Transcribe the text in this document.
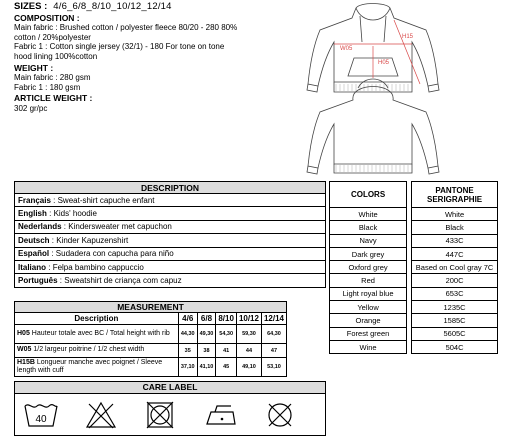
SIZES : 4/6_6/8_8/10_10/12_12/14
COMPOSITION :
Main fabric : Brushed cotton / polyester fleece 80/20 - 280 80%
cotton / 20%polyester
Fabric 1 : Cotton single jersey (32/1) - 180 For tone on tone
hood lining 100%cotton
WEIGHT :
Main fabric : 280 gsm
Fabric 1 : 180 gsm
ARTICLE WEIGHT :
302 gr/pc
H15
W05
H05
DESCRIPTION
Français : Sweat-shirt capuche enfant
English : Kids' hoodie
Nederlands : Kindersweater met capuchon
Deutsch : Kinder Kapuzenshirt
Español : Sudadera con capucha para niño
Italiano : Felpa bambino cappuccio
Português : Sweatshirt de criança com capuz
COLORS		PANTONE
SERIGRAPHIE
White		White
Black		Black
Navy		433C
Dark grey		447C
Oxford grey		Based on Cool gray 7C
Red		200C
Light royal blue		653C
Yellow		1235C
Orange		1585C
Forest green		5605C
Wine		504C
MEASUREMENT					
Description	4/6	6/8	8/10	10/12	12/14
H05 Hauteur totale avec BC / Total height with rib	44,30	49,30	54,30	59,30	64,30
W05 1/2 largeur poitrine / 1/2 chest width	35	38	41	44	47
H15B Longueur manche avec poignet / Sleeve length with cuff	37,10	41,10	45	49,10	53,10
CARE LABEL
40
